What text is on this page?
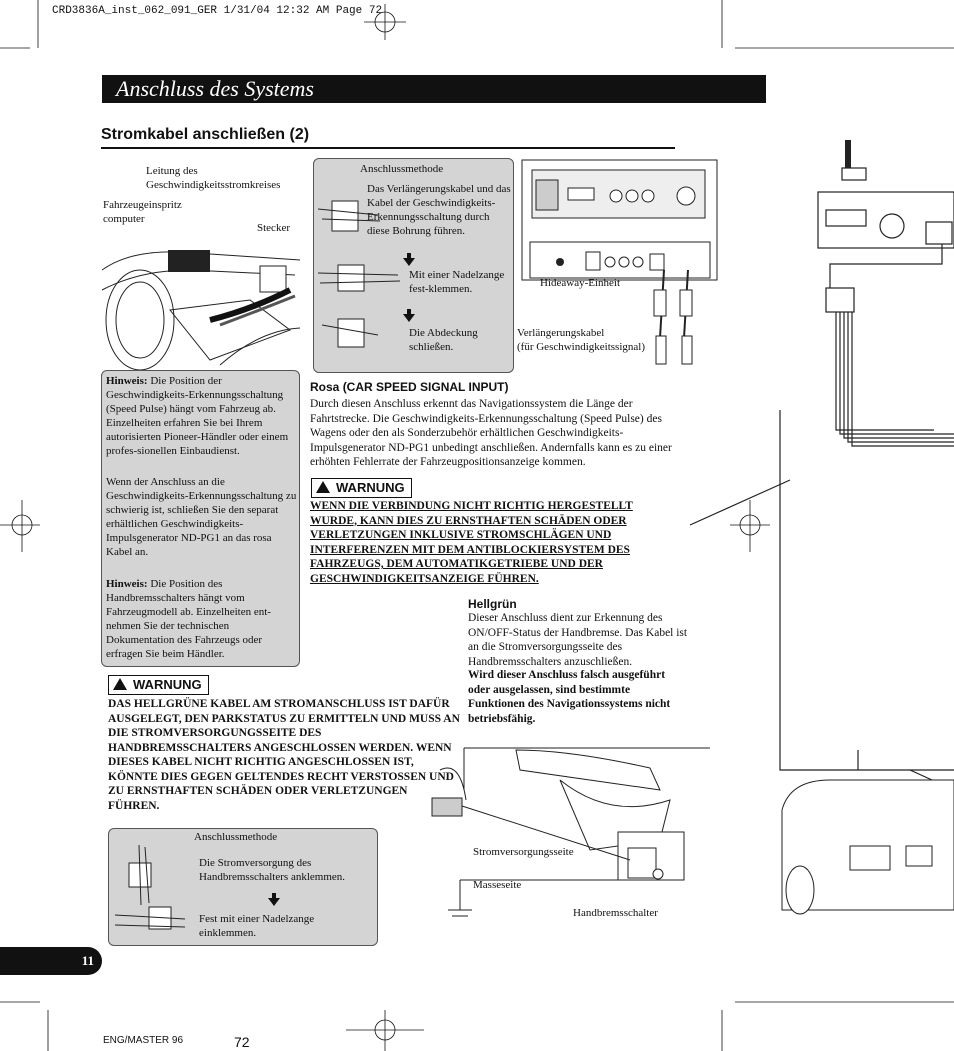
CRD3836A_inst_062_091_GER 1/31/04 12:32 AM Page 72
Anschluss des Systems
Stromkabel anschließen (2)
Leitung des
Geschwindigkeitsstromkreises
Fahrzeugeinspritz
computer
Stecker
Anschlussmethode
Das Verlängerungskabel und das Kabel der Geschwindigkeits-Erkennungsschaltung durch diese Bohrung führen.
Mit einer Nadelzange fest-klemmen.
Die Abdeckung schließen.
Hideaway-Einheit
Verlängerungskabel
(für Geschwindigkeitssignal)
Hinweis: Die Position der Geschwindigkeits-Erkennungsschaltung (Speed Pulse) hängt vom Fahrzeug ab. Einzelheiten erfahren Sie bei Ihrem autorisierten Pioneer-Händler oder einem profes-sionellen Einbaudienst.
Wenn der Anschluss an die Geschwindigkeits-Erkennungsschaltung zu schwierig ist, schließen Sie den separat erhältlichen Geschwindigkeits-Impulsgenerator ND-PG1 an das rosa Kabel an.
Hinweis: Die Position des Handbremsschalters hängt vom Fahrzeugmodell ab. Einzelheiten ent-nehmen Sie der technischen Dokumentation des Fahrzeugs oder erfragen Sie beim Händler.
Rosa (CAR SPEED SIGNAL INPUT)
Durch diesen Anschluss erkennt das Navigationssystem die Länge der Fahrtstrecke. Die Geschwindigkeits-Erkennungsschaltung (Speed Pulse) des Wagens oder den als Sonderzubehör erhältlichen Geschwindigkeits-Impulsgenerator ND-PG1 unbedingt anschließen. Andernfalls kann es zu einer erhöhten Fehlerrate der Fahrzeugpositionsanzeige kommen.
WARNUNG
WENN DIE VERBINDUNG NICHT RICHTIG HERGESTELLT WURDE, KANN DIES ZU ERNSTHAFTEN SCHÄDEN ODER VERLETZUNGEN INKLUSIVE STROMSCHLÄGEN UND INTERFERENZEN MIT DEM ANTIBLOCKIERSYSTEM DES FAHRZEUGS, DEM AUTOMATIKGETRIEBE UND DER GESCHWINDIGKEITSANZEIGE FÜHREN.
Hellgrün
Dieser Anschluss dient zur Erkennung des ON/OFF-Status der Handbremse. Das Kabel ist an die Stromversorgungsseite des Handbremsschalters anzuschließen.
Wird dieser Anschluss falsch ausgeführt oder ausgelassen, sind bestimmte Funktionen des Navigationssystems nicht betriebsfähig.
WARNUNG
DAS HELLGRÜNE KABEL AM STROMANSCHLUSS IST DAFÜR AUSGELEGT, DEN PARKSTATUS ZU ERMITTELN UND MUSS AN DIE STROMVERSORGUNGSSEITE DES HANDBREMSSCHALTERS ANGESCHLOSSEN WERDEN. WENN DIESES KABEL NICHT RICHTIG ANGESCHLOSSEN IST, KÖNNTE DIES GEGEN GELTENDES RECHT VERSTOSSEN UND ZU ERNSTHAFTEN SCHÄDEN ODER VERLETZUNGEN FÜHREN.
Anschlussmethode
Die Stromversorgung des Handbremsschalters anklemmen.
Fest mit einer Nadelzange einklemmen.
Stromversorgungsseite
Masseseite
Handbremsschalter
11
ENG/MASTER 96	72
